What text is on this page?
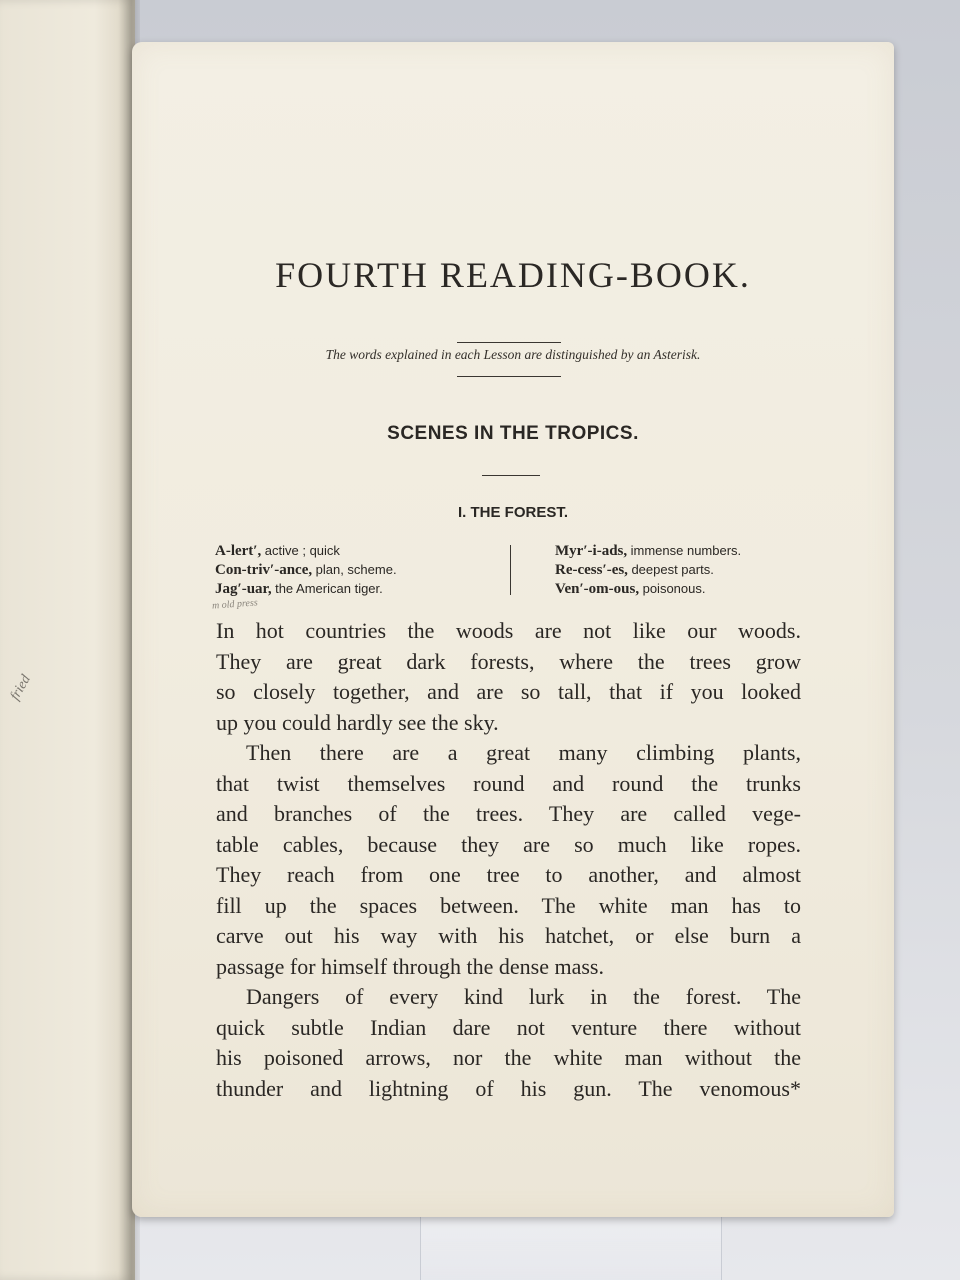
FOURTH READING-BOOK.
The words explained in each Lesson are distinguished by an Asterisk.
SCENES IN THE TROPICS.
I. THE FOREST.
A-lert′, active ; quick
Con-triv′-ance, plan, scheme.
Jag′-uar, the American tiger.
Myr′-i-ads, immense numbers.
Re-cess′-es, deepest parts.
Ven′-om-ous, poisonous.
m old press
In hot countries the woods are not like our woods.
They are great dark forests, where the trees grow
so closely together, and are so tall, that if you looked
up you could hardly see the sky.
Then there are a great many climbing plants,
that twist themselves round and round the trunks
and branches of the trees. They are called vege-
table cables, because they are so much like ropes.
They reach from one tree to another, and almost
fill up the spaces between. The white man has to
carve out his way with his hatchet, or else burn a
passage for himself through the dense mass.
Dangers of every kind lurk in the forest. The
quick subtle Indian dare not venture there without
his poisoned arrows, nor the white man without the
thunder and lightning of his gun. The venomous*
fried
